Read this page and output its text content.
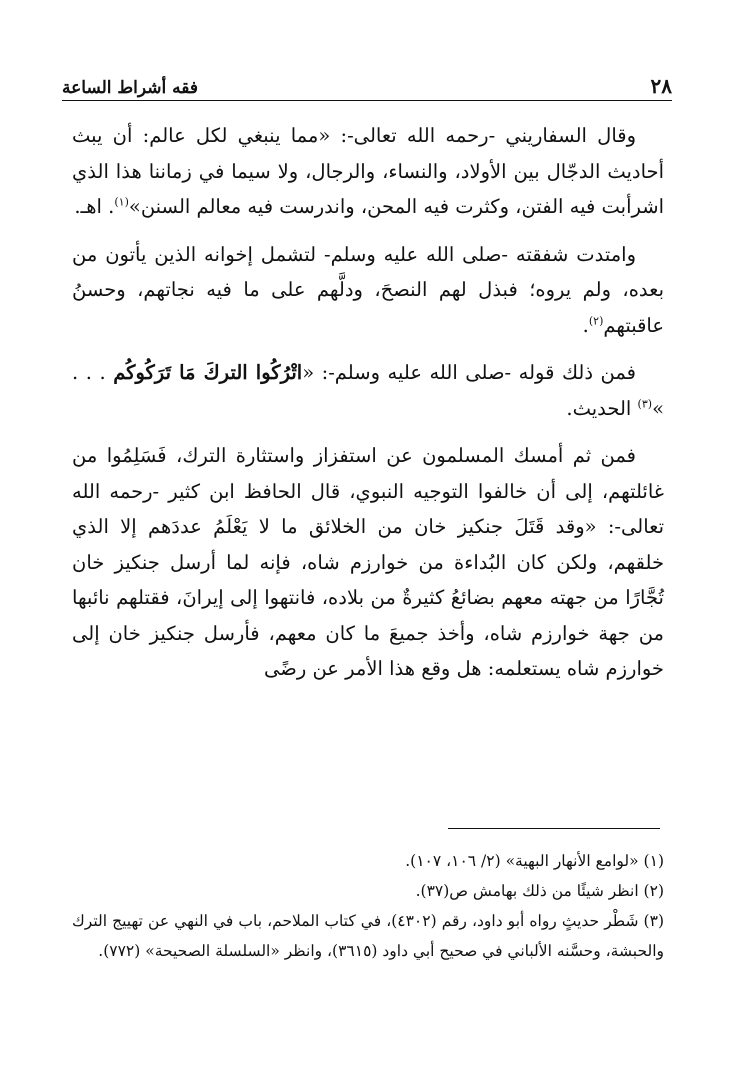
فقه أشراط الساعة	٢٨

وقال السفاريني -رحمه الله تعالى-: «مما ينبغي لكل عالم: أن يبث أحاديث الدجّال بين الأولاد، والنساء، والرجال، ولا سيما في زماننا هذا الذي اشرأبت فيه الفتن، وكثرت فيه المحن، واندرست فيه معالم السنن»$^{(١)}$. اهـ.

وامتدت شفقته -صلى الله عليه وسلم- لتشمل إخوانه الذين يأتون من بعده، ولم يروه؛ فبذل لهم النصحَ، ودلَّهم على ما فيه نجاتهم، وحسنُ عاقبتهم$^{(٢)}$.

فمن ذلك قوله -صلى الله عليه وسلم-: «اتْرُكُوا التركَ مَا تَرَكُوكُم . . . »$^{(٣)}$ الحديث.

فمن ثم أمسك المسلمون عن استفزاز واستثارة الترك، فَسَلِمُوا من غائلتهم، إلى أن خالفوا التوجيه النبوي، قال الحافظ ابن كثير -رحمه الله تعالى-: «وقد قَتَلَ جنكيز خان من الخلائق ما لا يَعْلَمُ عددَهم إلا الذي خلقهم، ولكن كان البُداءة من خوارزم شاه، فإنه لما أرسل جنكيز خان تُجَّارًا من جهته معهم بضائعُ كثيرةٌ من بلاده، فانتهوا إلى إيرانَ، فقتلهم نائبها من جهة خوارزم شاه، وأخذ جميعَ ما كان معهم، فأرسل جنكيز خان إلى خوارزم شاه يستعلمه: هل وقع هذا الأمر عن رضًى

(١) «لوامع الأنهار البهية» (٢/ ١٠٦، ١٠٧).

(٢) انظر شيئًا من ذلك بهامش ص(٣٧).

(٣) شَطْر حديثٍ رواه أبو داود، رقم (٤٣٠٢)، في كتاب الملاحم، باب في النهي عن تهييج الترك والحبشة، وحسَّنه الألباني في صحيح أبي داود (٣٦١٥)، وانظر «السلسلة الصحيحة» (٧٧٢).
